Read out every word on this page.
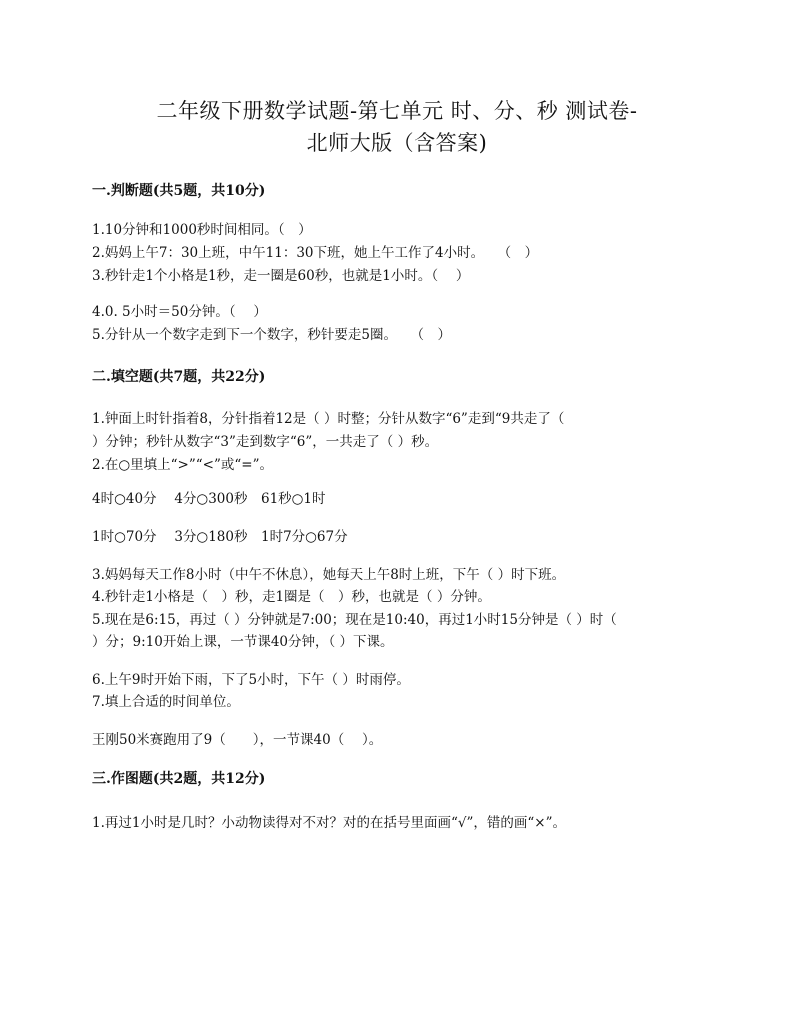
二年级下册数学试题-第七单元 时、分、秒 测试卷-
北师大版（含答案)
一.判断题(共5题，共10分)
1.10分钟和1000秒时间相同。（　）
2.妈妈上午7：30上班，中午11：30下班，她上午工作了4小时。　　（　）
3.秒针走1个小格是1秒，走一圈是60秒，也就是1小时。（　 ）
4.0. 5小时＝50分钟。（　 ）
5.分针从一个数字走到下一个数字，秒针要走5圈。　　（　）
二.填空题(共7题，共22分)
1.钟面上时针指着8，分针指着12是（ ）时整；分针从数字“6”走到“9共走了（
）分钟；秒针从数字“3”走到数字“6”，一共走了（ ）秒。
2.在○里填上“>”“<”或“=”。
4时○40分　 4分○300秒　61秒○1时
1时○70分　 3分○180秒　1时7分○67分
3.妈妈每天工作8小时（中午不休息），她每天上午8时上班，下午（ ）时下班。
4.秒针走1小格是（　）秒，走1圈是（　）秒，也就是（ ）分钟。
5.现在是6:15，再过（ ）分钟就是7:00；现在是10:40，再过1小时15分钟是（ ）时（
）分；9:10开始上课，一节课40分钟，（ ）下课。
6.上午9时开始下雨，下了5小时，下午（ ）时雨停。
7.填上合适的时间单位。
王刚50米赛跑用了9（　　），一节课40（　 ）。
三.作图题(共2题，共12分)
1.再过1小时是几时？小动物读得对不对？对的在括号里面画“√”，错的画“×”。
